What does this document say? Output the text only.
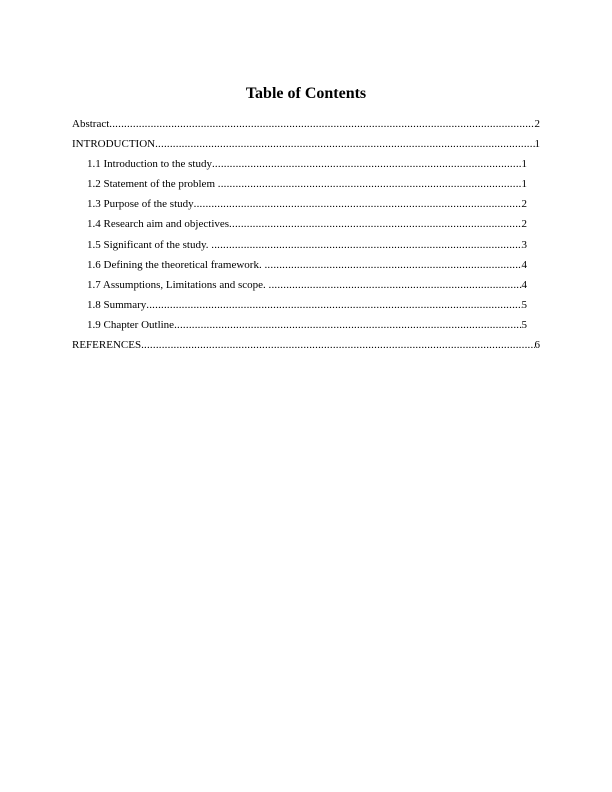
Table of Contents
Abstract .....	2
INTRODUCTION .....	1
1.1 Introduction to the study .....	1
1.2 Statement of the problem .....	1
1.3 Purpose of the study .....	2
1.4 Research aim and objectives .....	2
1.5 Significant of the study. .....	3
1.6 Defining the theoretical framework. .....	4
1.7 Assumptions, Limitations and scope. .....	4
1.8 Summary .....	5
1.9 Chapter Outline .....	5
REFERENCES .....	6
